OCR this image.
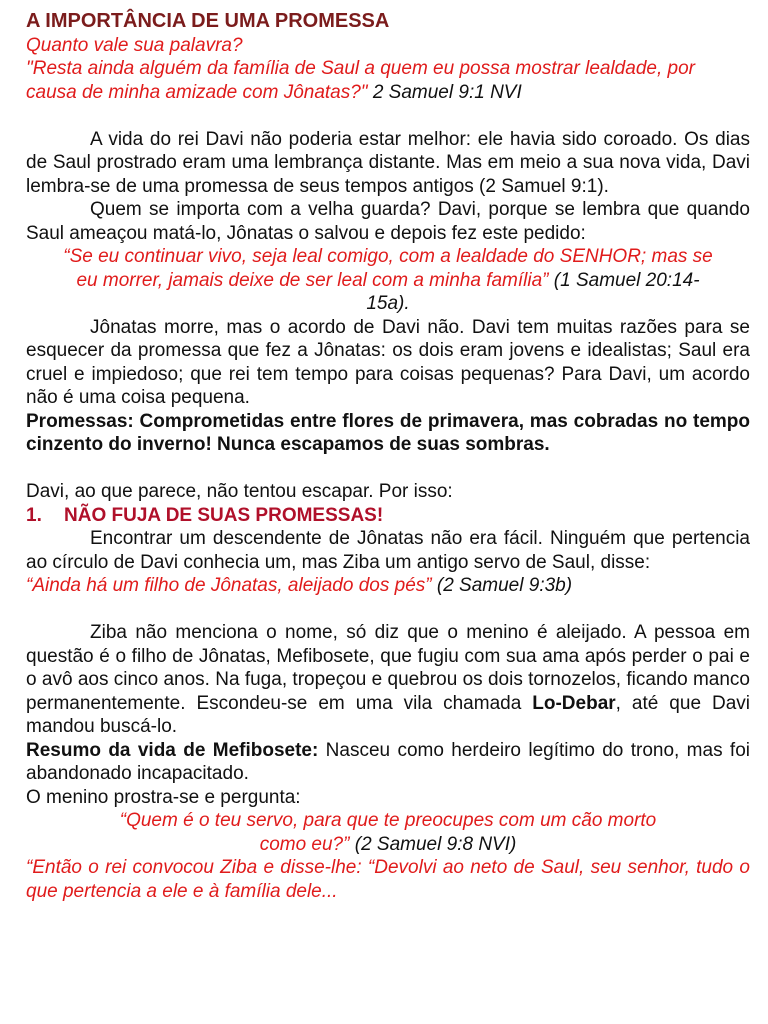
A IMPORTÂNCIA DE UMA PROMESSA

Quanto vale sua palavra?

"Resta ainda alguém da família de Saul a quem eu possa mostrar lealdade, por causa de minha amizade com Jônatas?" 2 Samuel 9:1 NVI

A vida do rei Davi não poderia estar melhor: ele havia sido coroado. Os dias de Saul prostrado eram uma lembrança distante. Mas em meio a sua nova vida, Davi lembra-se de uma promessa de seus tempos antigos (2 Samuel 9:1).

Quem se importa com a velha guarda? Davi, porque se lembra que quando Saul ameaçou matá-lo, Jônatas o salvou e depois fez este pedido:

“Se eu continuar vivo, seja leal comigo, com a lealdade do SENHOR; mas se eu morrer, jamais deixe de ser leal com a minha família” (1 Samuel 20:14-15a).

Jônatas morre, mas o acordo de Davi não. Davi tem muitas razões para se esquecer da promessa que fez a Jônatas: os dois eram jovens e idealistas; Saul era cruel e impiedoso; que rei tem tempo para coisas pequenas? Para Davi, um acordo não é uma coisa pequena.

Promessas: Comprometidas entre flores de primavera, mas cobradas no tempo cinzento do inverno! Nunca escapamos de suas sombras.

Davi, ao que parece, não tentou escapar. Por isso:

1. NÃO FUJA DE SUAS PROMESSAS!

Encontrar um descendente de Jônatas não era fácil. Ninguém que pertencia ao círculo de Davi conhecia um, mas Ziba um antigo servo de Saul, disse:

“Ainda há um filho de Jônatas, aleijado dos pés” (2 Samuel 9:3b)

Ziba não menciona o nome, só diz que o menino é aleijado. A pessoa em questão é o filho de Jônatas, Mefibosete, que fugiu com sua ama após perder o pai e o avô aos cinco anos. Na fuga, tropeçou e quebrou os dois tornozelos, ficando manco permanentemente. Escondeu-se em uma vila chamada Lo-Debar, até que Davi mandou buscá-lo.

Resumo da vida de Mefibosete: Nasceu como herdeiro legítimo do trono, mas foi abandonado incapacitado.

O menino prostra-se e pergunta:

“Quem é o teu servo, para que te preocupes com um cão morto como eu?” (2 Samuel 9:8 NVI)

“Então o rei convocou Ziba e disse-lhe: “Devolvi ao neto de Saul, seu senhor, tudo o que pertencia a ele e à família dele...
